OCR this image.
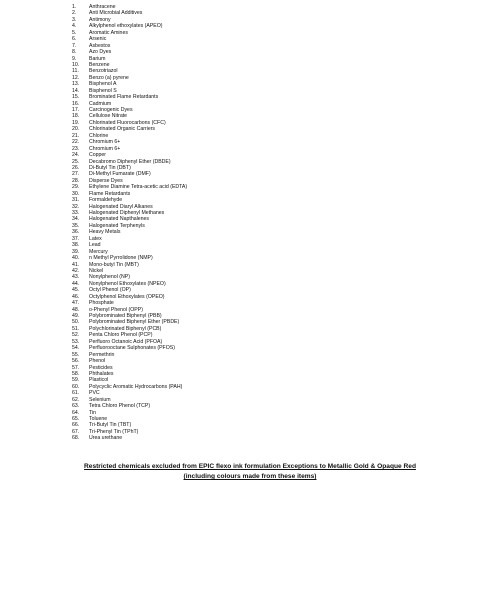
1.	Anthracene
2.	Anti Microbial Additives
3.	Antimony
4.	Alkylphenol ethoxylates (APEO)
5.	Aromatic Amines
6.	Arsenic
7.	Asbestos
8.	Azo Dyes
9.	Barium
10.	Benzene
11.	Benzotriazol
12.	Benzo (a) pyrene
13.	Bisphenol A
14.	Bisphenol S
15.	Brominated Flame Retardants
16.	Cadmium
17.	Carcinogenic Dyes
18.	Cellulose Nitrate
19.	Chlorinated Fluorocarbons (CFC)
20.	Chlorinated Organic Carriers
21.	Chlorine
22.	Chromium 6+
23.	Chromium 6+
24.	Copper
25.	Decabromo Diphenyl Ether (DBDE)
26.	Di-Butyl Tin (DBT)
27.	Di-Methyl Fumarate (DMF)
28.	Disperse Dyes
29.	Ethylene Diamine Tetra-acetic acid (EDTA)
30.	Flame Retardants
31.	Formaldehyde
32.	Halogenated Diaryl Alkanes
33.	Halogenated Diphenyl Methanes
34.	Halogenated Napthalenes
35.	Halogenated Terphenyls
36.	Heavy Metals
37.	Latex
38.	Lead
39.	Mercury
40.	n Methyl Pyrrolidone (NMP)
41.	Mono-butyl Tin (MBT)
42.	Nickel
43.	Nonylphenol (NP)
44.	Nonylphenol Ethoxylates (NPEO)
45.	Octyl Phenol (OP)
46.	Octylphenol Ethoxylates (OPEO)
47.	Phosphate
48.	o-Phenyl Phenol (OPP)
49.	Polybrominated Biphenyl (PBB)
50.	Polybrominated Biphenyl Ether (PBDE)
51.	Polychlorinated Biphenyl (PCB)
52.	Penta Chloro Phenol (PCP)
53.	Perfluoro Octanoic Acid (PFOA)
54.	Perfluorooctane Sulphonates (PFOS)
55.	Permethrin
56.	Phenol
57.	Pesticides
58.	Phthalates
59.	Plasticol
60.	Polycyclic Aromatic Hydrocarbons (PAH)
61.	PVC
62.	Selenium
63.	Tetra Chloro Phenol (TCP)
64.	Tin
65.	Toluene
66.	Tri-Butyl Tin (TBT)
67.	Tri-Phenyl Tin (TPhT)
68.	Urea urethane

Restricted chemicals excluded from EPIC flexo ink formulation Exceptions to Metallic Gold & Opaque Red (including colours made from these items)
